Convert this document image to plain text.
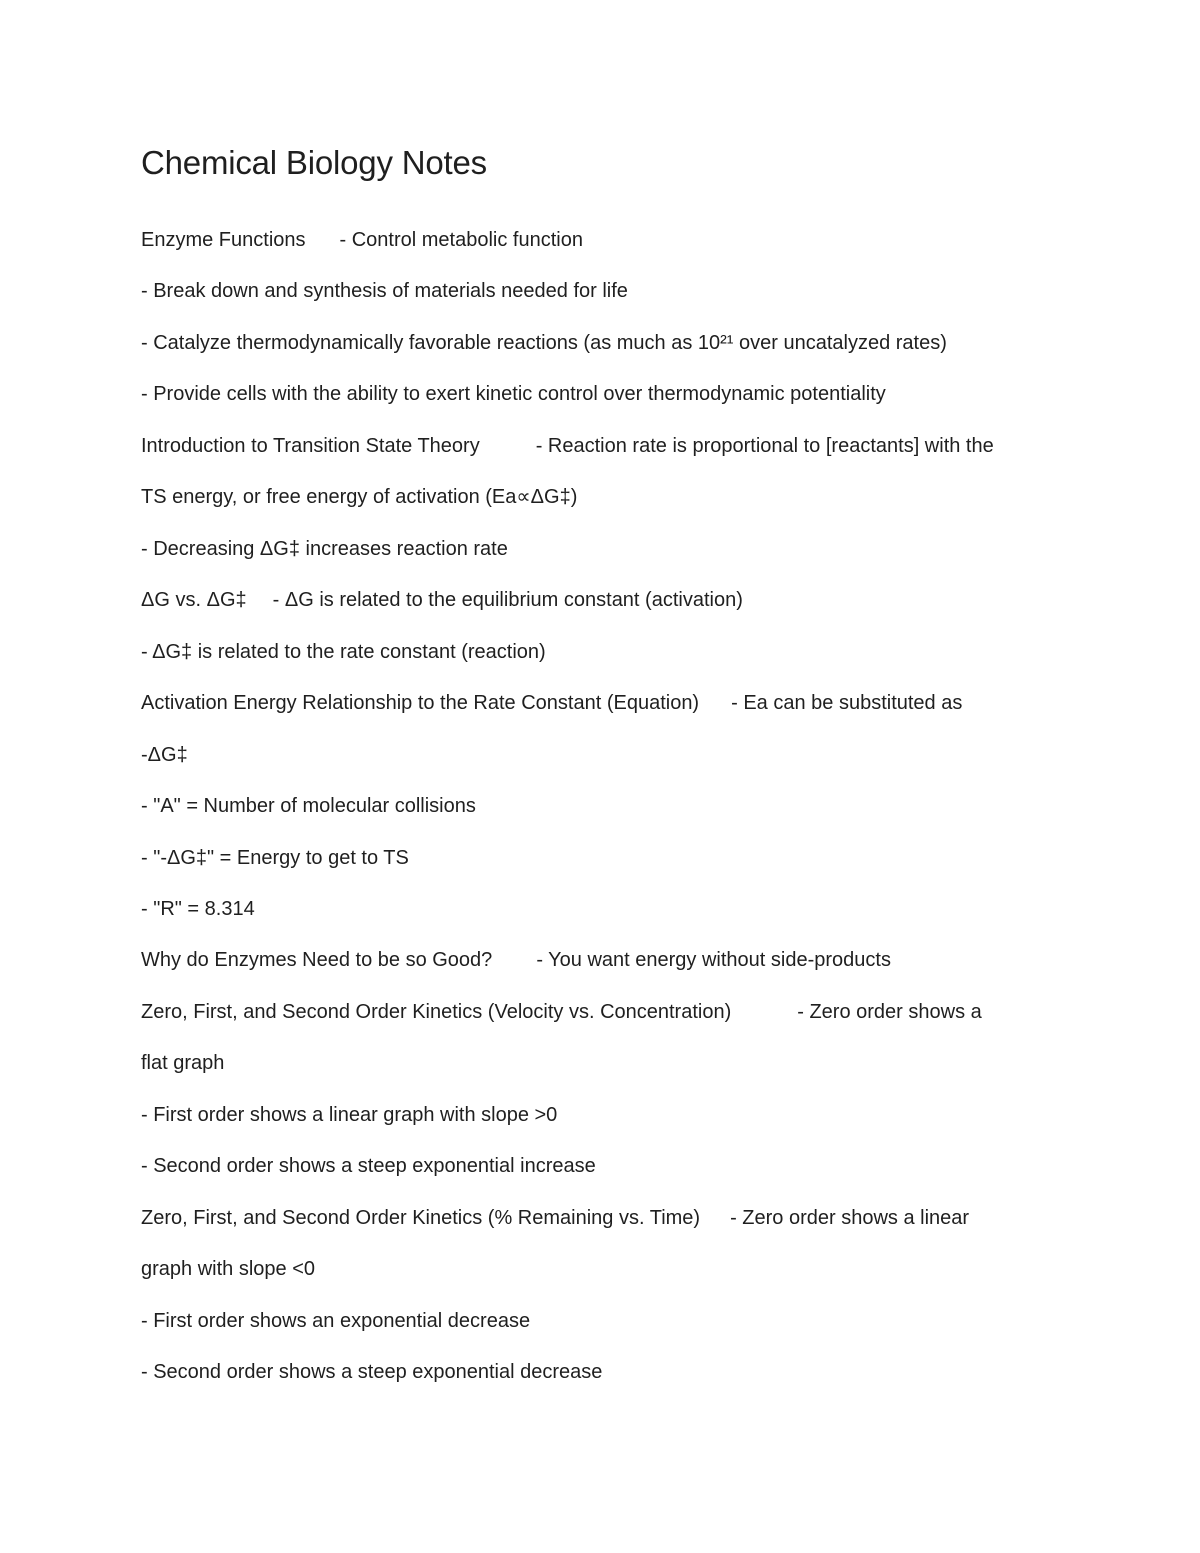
Chemical Biology Notes

Enzyme Functions - Control metabolic function

- Break down and synthesis of materials needed for life

- Catalyze thermodynamically favorable reactions (as much as 10²¹ over uncatalyzed rates)

- Provide cells with the ability to exert kinetic control over thermodynamic potentiality

Introduction to Transition State Theory	- Reaction rate is proportional to [reactants] with the

TS energy, or free energy of activation (Ea∝ΔG‡)

- Decreasing ΔG‡ increases reaction rate

ΔG vs. ΔG‡ - ΔG is related to the equilibrium constant (activation)

- ΔG‡ is related to the rate constant (reaction)

Activation Energy Relationship to the Rate Constant (Equation) - Ea can be substituted as

-ΔG‡

- "A" = Number of molecular collisions

- "-ΔG‡" = Energy to get to TS

- "R" = 8.314

Why do Enzymes Need to be so Good? - You want energy without side-products

Zero, First, and Second Order Kinetics (Velocity vs. Concentration)	- Zero order shows a

flat graph

- First order shows a linear graph with slope >0

- Second order shows a steep exponential increase

Zero, First, and Second Order Kinetics (% Remaining vs. Time) - Zero order shows a linear

graph with slope <0

- First order shows an exponential decrease

- Second order shows a steep exponential decrease
